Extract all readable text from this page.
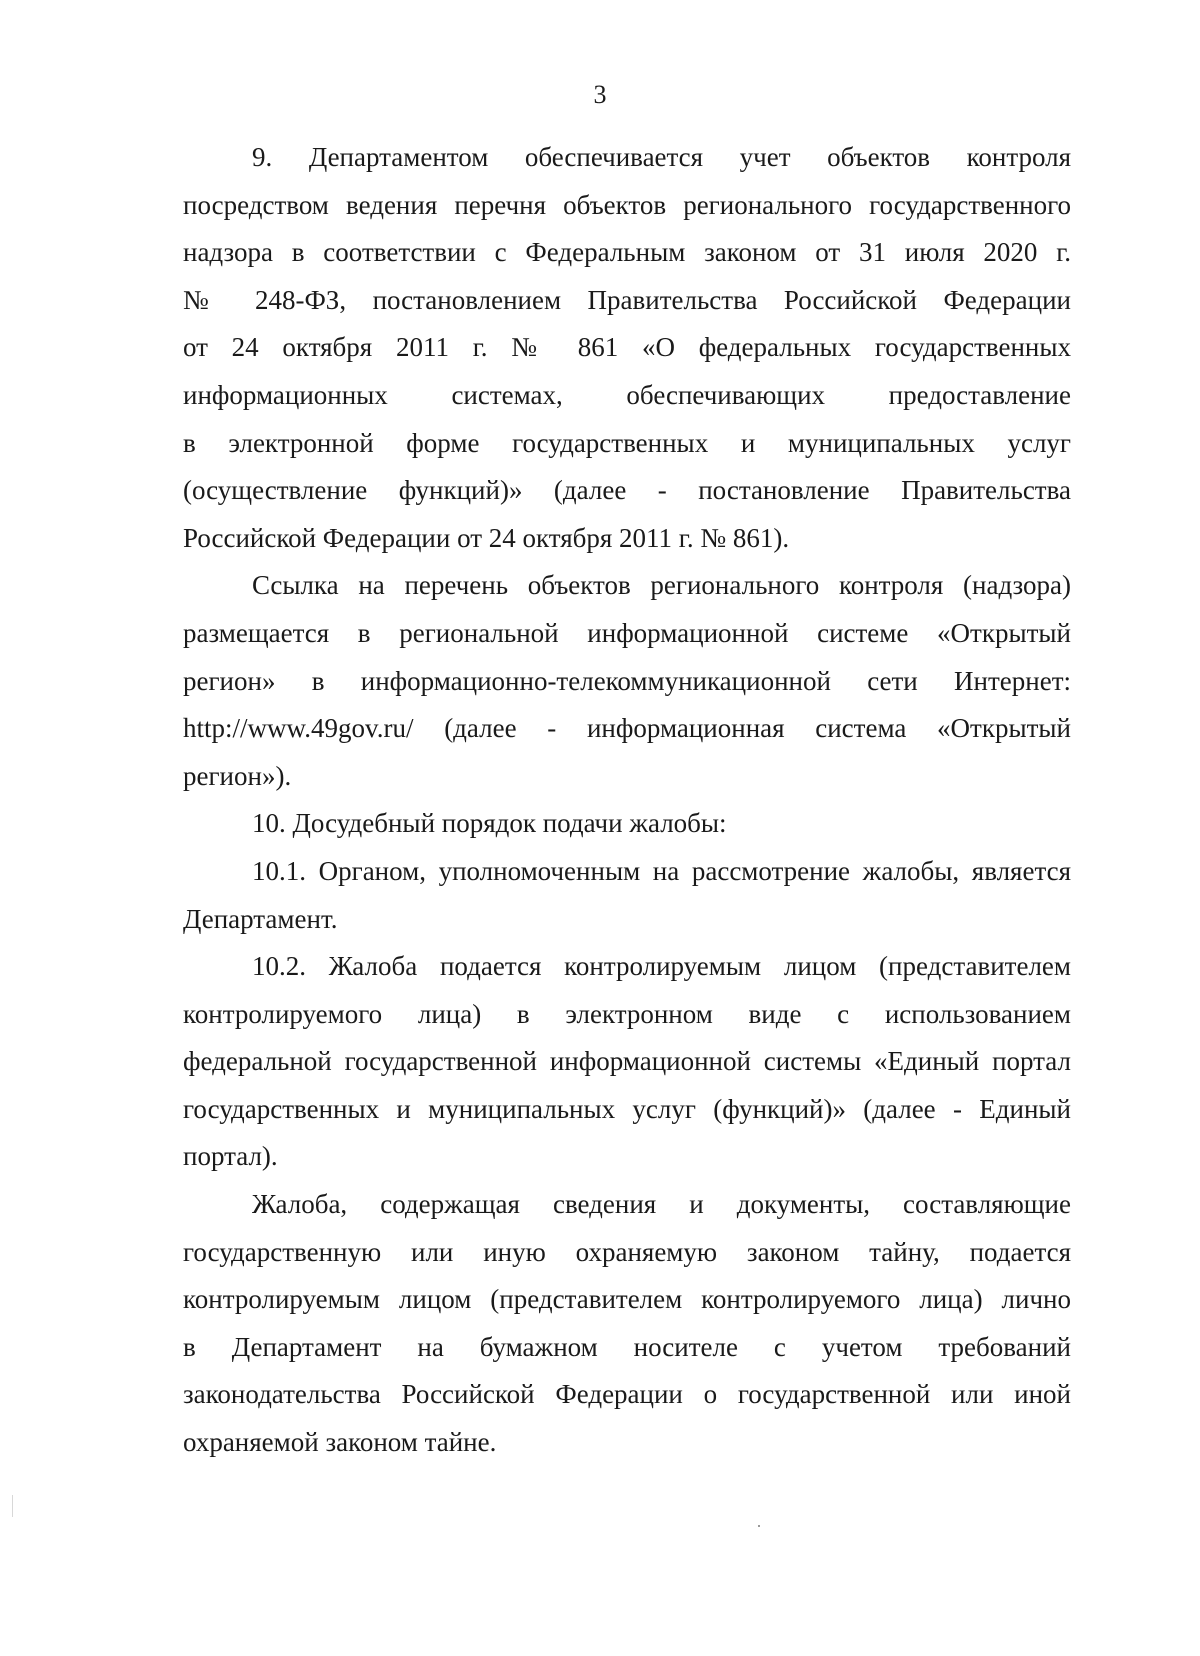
3

9. Департаментом обеспечивается учет объектов контроля
посредством ведения перечня объектов регионального государственного
надзора в соответствии с Федеральным законом от 31 июля 2020 г.
№ 248-ФЗ, постановлением Правительства Российской Федерации
от 24 октября 2011 г. № 861 «О федеральных государственных
информационных системах, обеспечивающих предоставление
в электронной форме государственных и муниципальных услуг
(осуществление функций)» (далее - постановление Правительства
Российской Федерации от 24 октября 2011 г. № 861).

Ссылка на перечень объектов регионального контроля (надзора)
размещается в региональной информационной системе «Открытый
регион» в информационно-телекоммуникационной сети Интернет:
http://www.49gov.ru/ (далее - информационная система «Открытый
регион»).

10. Досудебный порядок подачи жалобы:

10.1. Органом, уполномоченным на рассмотрение жалобы, является
Департамент.

10.2. Жалоба подается контролируемым лицом (представителем
контролируемого лица) в электронном виде с использованием
федеральной государственной информационной системы «Единый портал
государственных и муниципальных услуг (функций)» (далее - Единый
портал).

Жалоба, содержащая сведения и документы, составляющие
государственную или иную охраняемую законом тайну, подается
контролируемым лицом (представителем контролируемого лица) лично
в Департамент на бумажном носителе с учетом требований
законодательства Российской Федерации о государственной или иной
охраняемой законом тайне.
